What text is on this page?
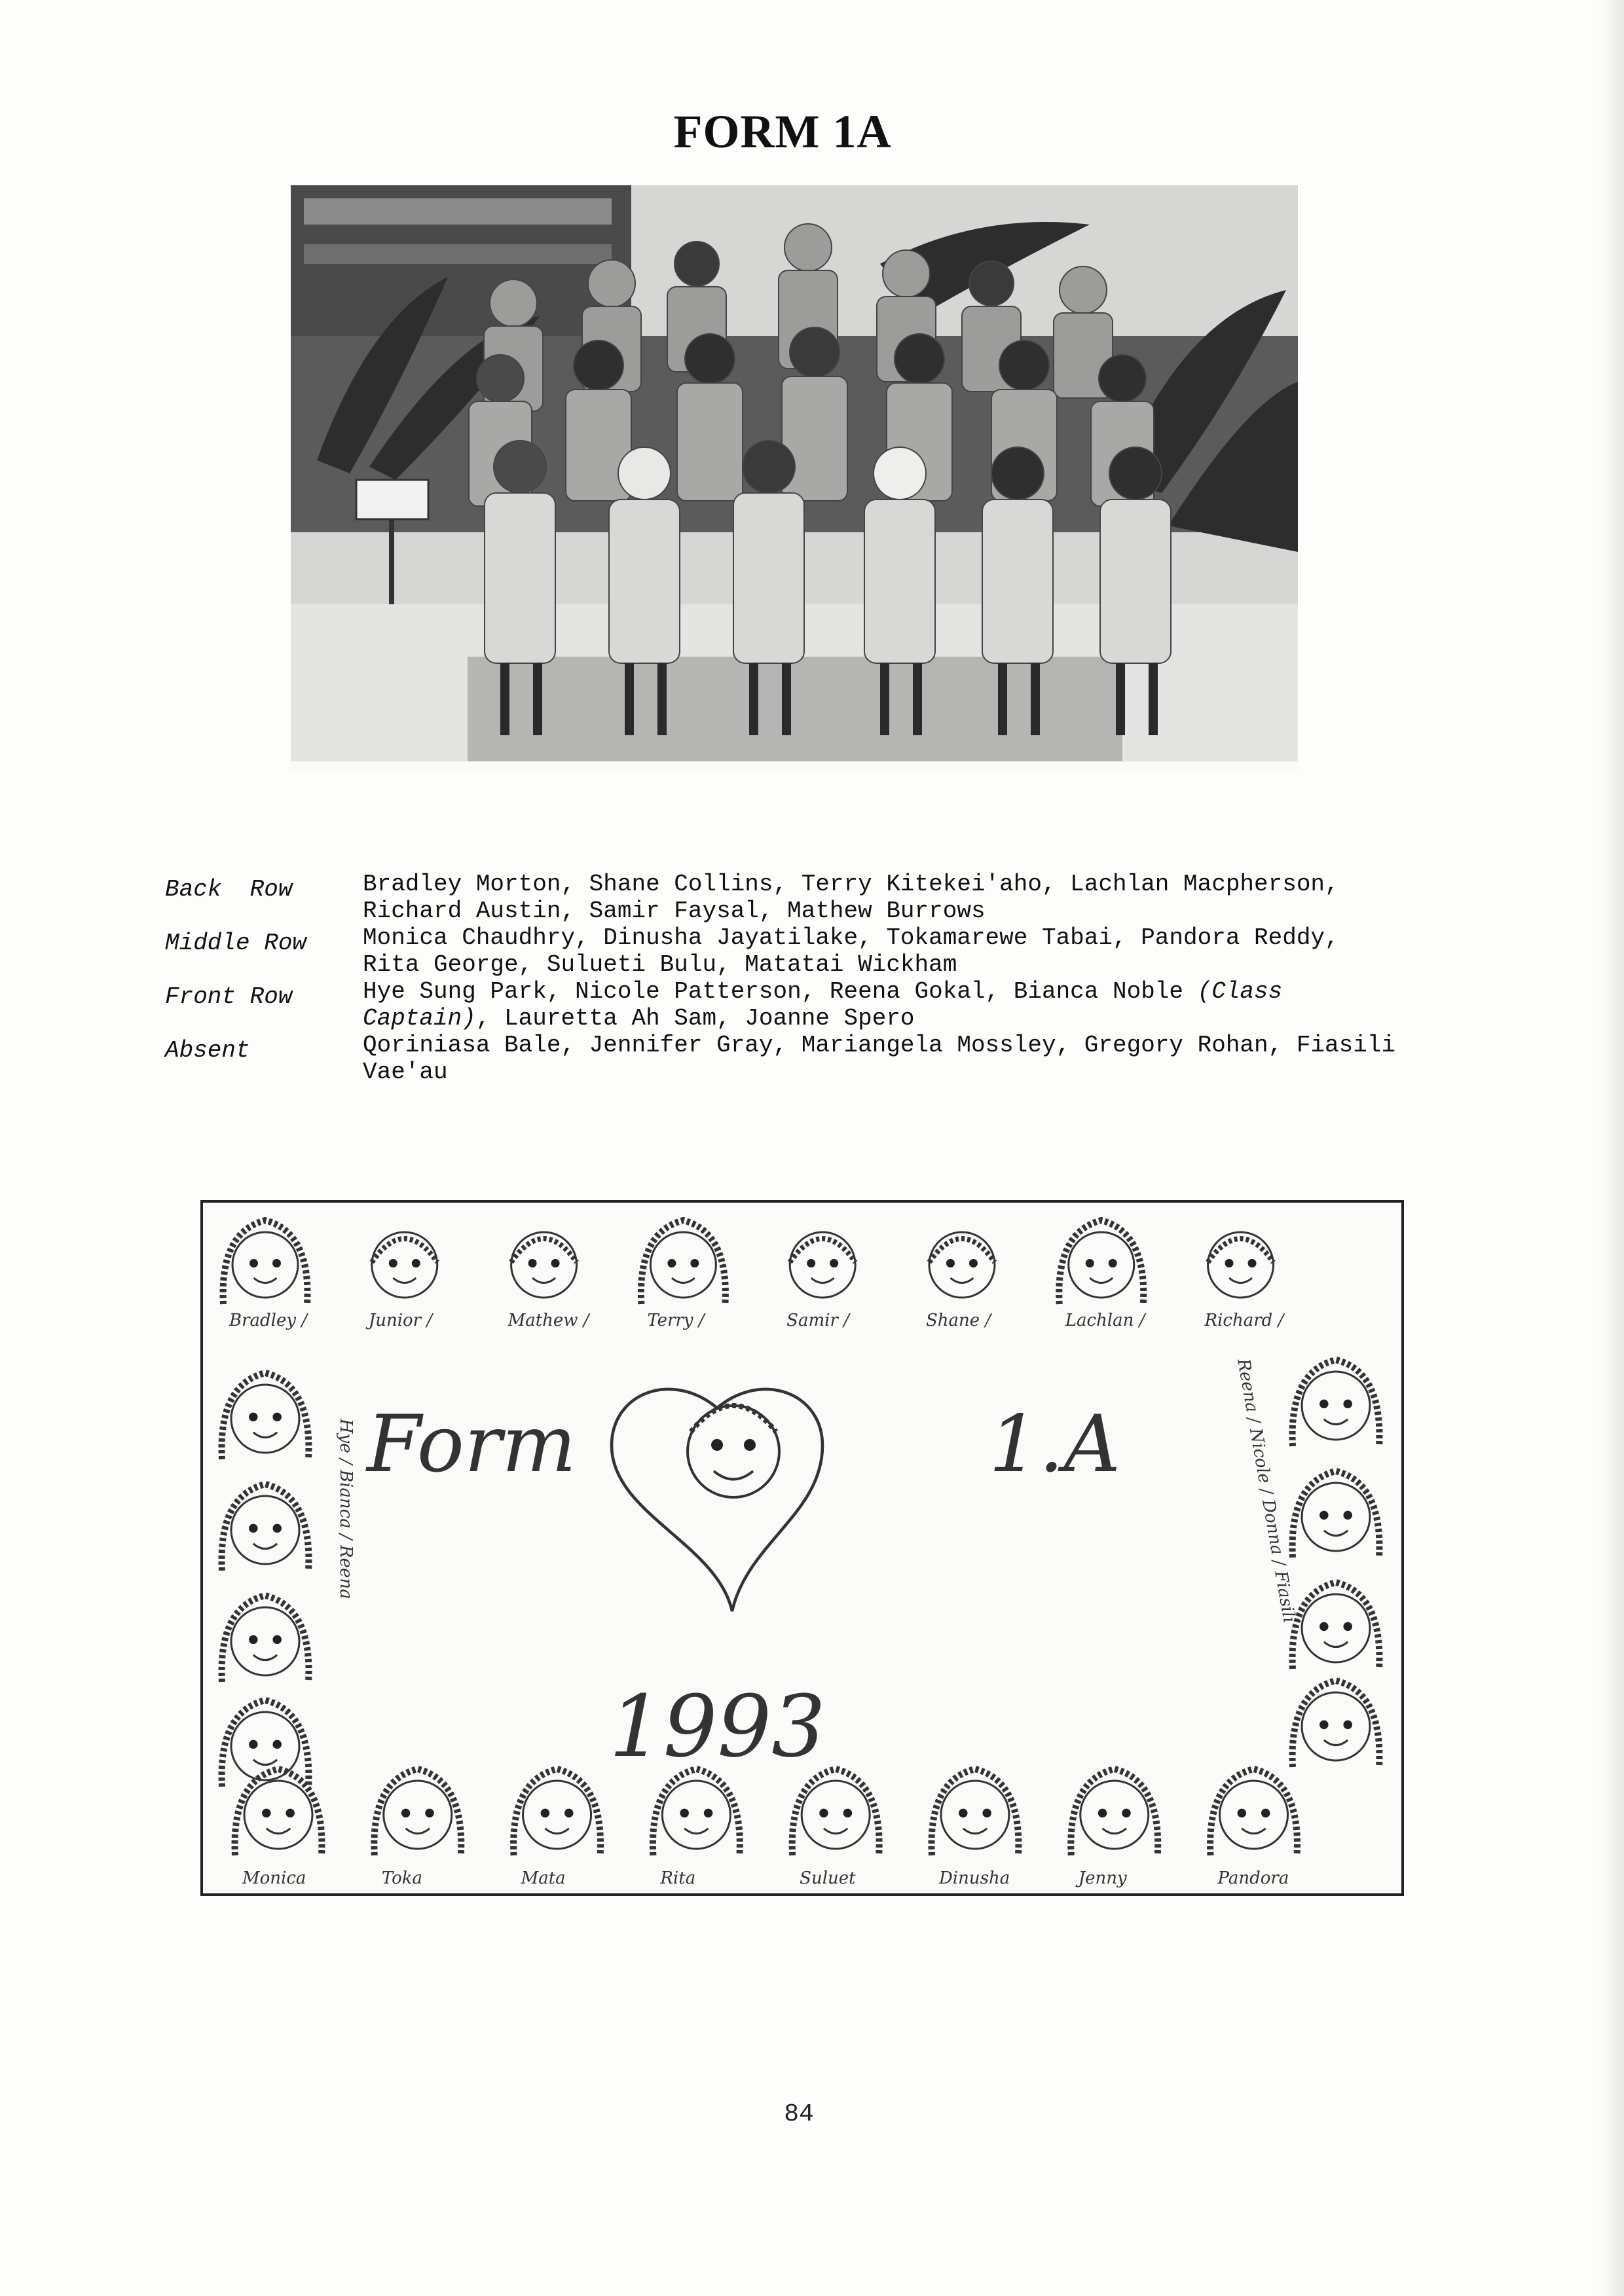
FORM 1A
Back  Row	Bradley Morton, Shane Collins, Terry Kitekei'aho, Lachlan Macpherson, Richard Austin, Samir Faysal, Mathew Burrows
Middle Row	Monica Chaudhry, Dinusha Jayatilake, Tokamarewe Tabai, Pandora Reddy, Rita George, Sulueti Bulu, Matatai Wickham
Front Row	Hye Sung Park, Nicole Patterson, Reena Gokal, Bianca Noble (Class Captain), Lauretta Ah Sam, Joanne Spero
Absent	Qoriniasa Bale, Jennifer Gray, Mariangela Mossley, Gregory Rohan, Fiasili Vae'au
Bradley /	Junior /	Mathew /	Terry /	Samir /	Shane /	Lachlan /	Richard /
Monica	Toka	Mata	Rita	Suluet	Dinusha	Jenny	Pandora
Form	1.A
1993
Hye / Bianca / Reena	Reena / Nicole / Donna / Fiasili
84
